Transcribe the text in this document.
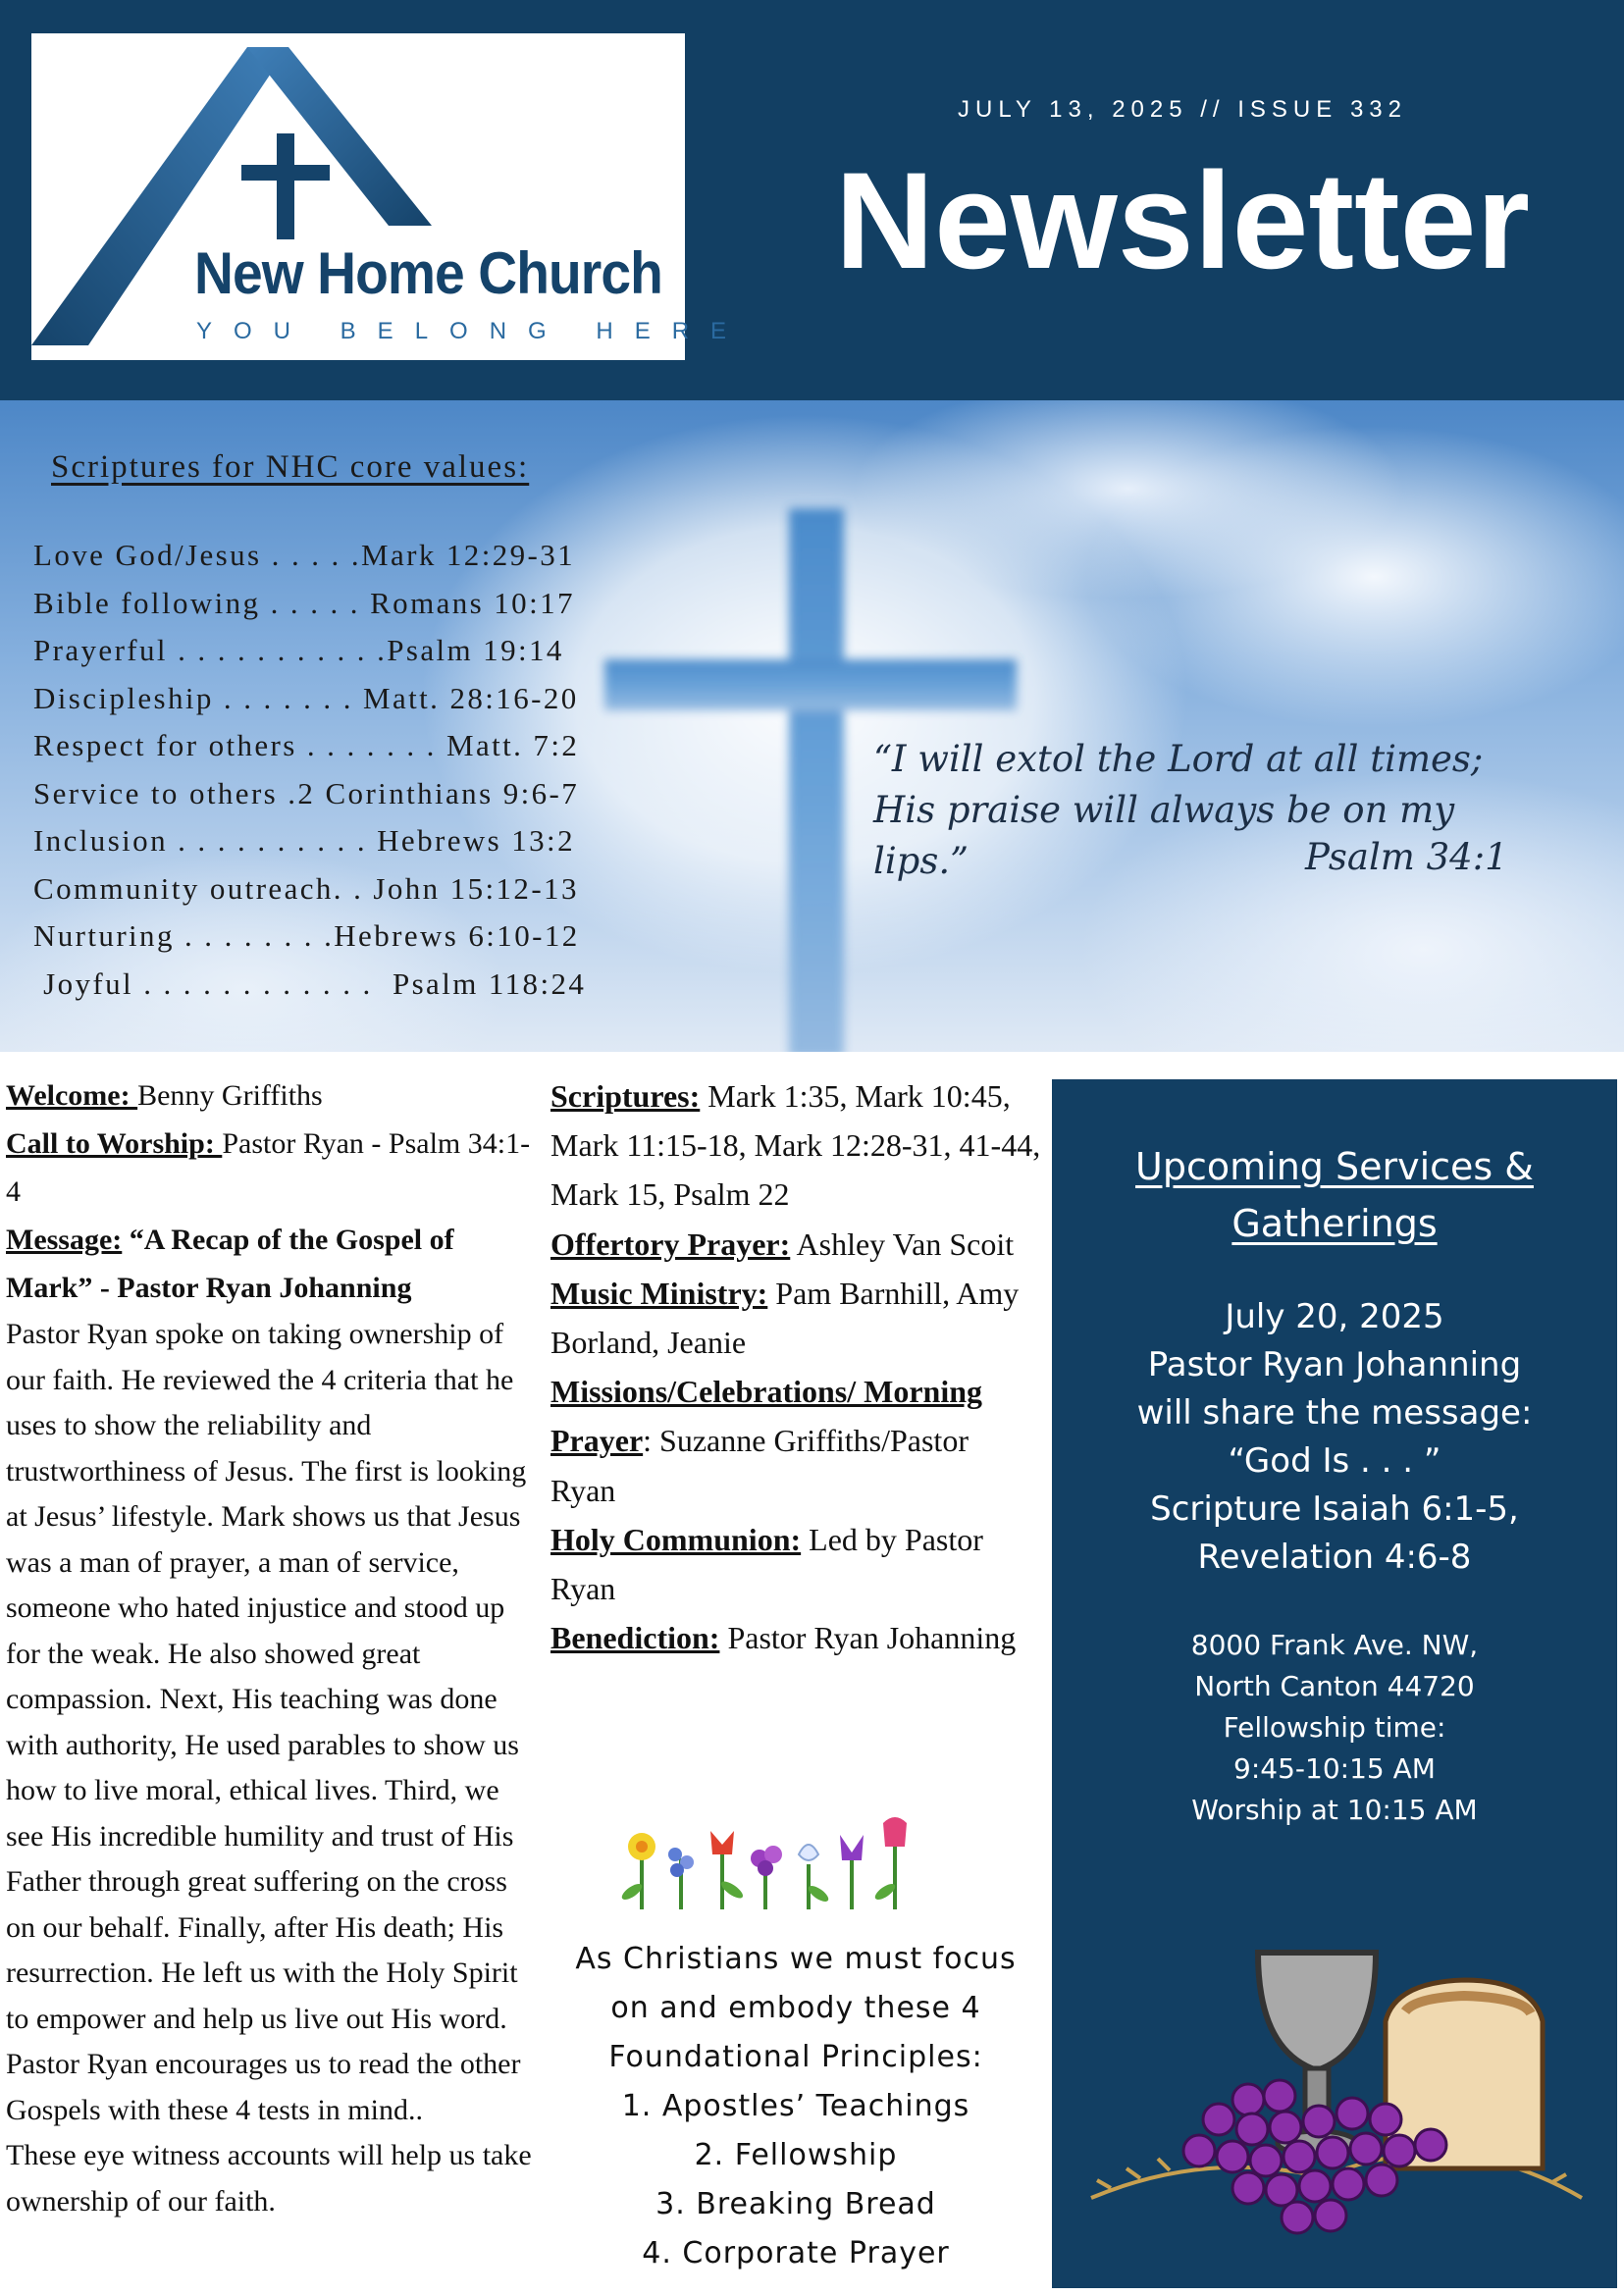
New Home Church
YOU BELONG HERE
JULY 13, 2025 // ISSUE 332
Newsletter
Scriptures for NHC core values:
Love God/Jesus . . . . .Mark 12:29-31
Bible following . . . . . Romans 10:17
Prayerful . . . . . . . . . . .Psalm 19:14
Discipleship . . . . . . . Matt. 28:16-20
Respect for others . . . . . . . Matt. 7:2
Service to others .2 Corinthians 9:6-7
Inclusion . . . . . . . . . . Hebrews 13:2
Community outreach. . John 15:12-13
Nurturing . . . . . . . .Hebrews 6:10-12
Joyful . . . . . . . . . . . .  Psalm 118:24
“I will extol the Lord at all times; His praise will always be on my lips.”	Psalm 34:1
Welcome: Benny Griffiths
Call to Worship: Pastor Ryan - Psalm 34:1-4
Message: “A Recap of the Gospel of Mark” - Pastor Ryan Johanning
Pastor Ryan spoke on taking ownership of our faith. He reviewed the 4 criteria that he uses to show the reliability and trustworthiness of Jesus. The first is looking at Jesus’ lifestyle. Mark shows us that Jesus was a man of prayer, a man of service, someone who hated injustice and stood up for the weak. He also showed great compassion. Next, His teaching was done with authority, He used parables to show us how to live moral, ethical lives. Third, we see His incredible humility and trust of His Father through great suffering on the cross on our behalf. Finally, after His death; His resurrection. He left us with the Holy Spirit to empower and help us live out His word. Pastor Ryan encourages us to read the other Gospels with these 4 tests in mind..
These eye witness accounts will help us take ownership of our faith.
Scriptures: Mark 1:35, Mark 10:45, Mark 11:15-18, Mark 12:28-31, 41-44, Mark 15, Psalm 22
Offertory Prayer: Ashley Van Scoit
Music Ministry: Pam Barnhill, Amy Borland, Jeanie
Missions/Celebrations/ Morning Prayer: Suzanne Griffiths/Pastor Ryan
Holy Communion: Led by Pastor Ryan
Benediction: Pastor Ryan Johanning
As Christians we must focus on and embody these 4 Foundational Principles:
1. Apostles’ Teachings
2. Fellowship
3. Breaking Bread
4. Corporate Prayer
Upcoming Services & Gatherings
July 20, 2025
Pastor Ryan Johanning
will share the message:
“God Is . . . ”
Scripture Isaiah 6:1-5,
Revelation 4:6-8
8000 Frank Ave. NW,
North Canton 44720
Fellowship time:
9:45-10:15 AM
Worship at 10:15 AM
